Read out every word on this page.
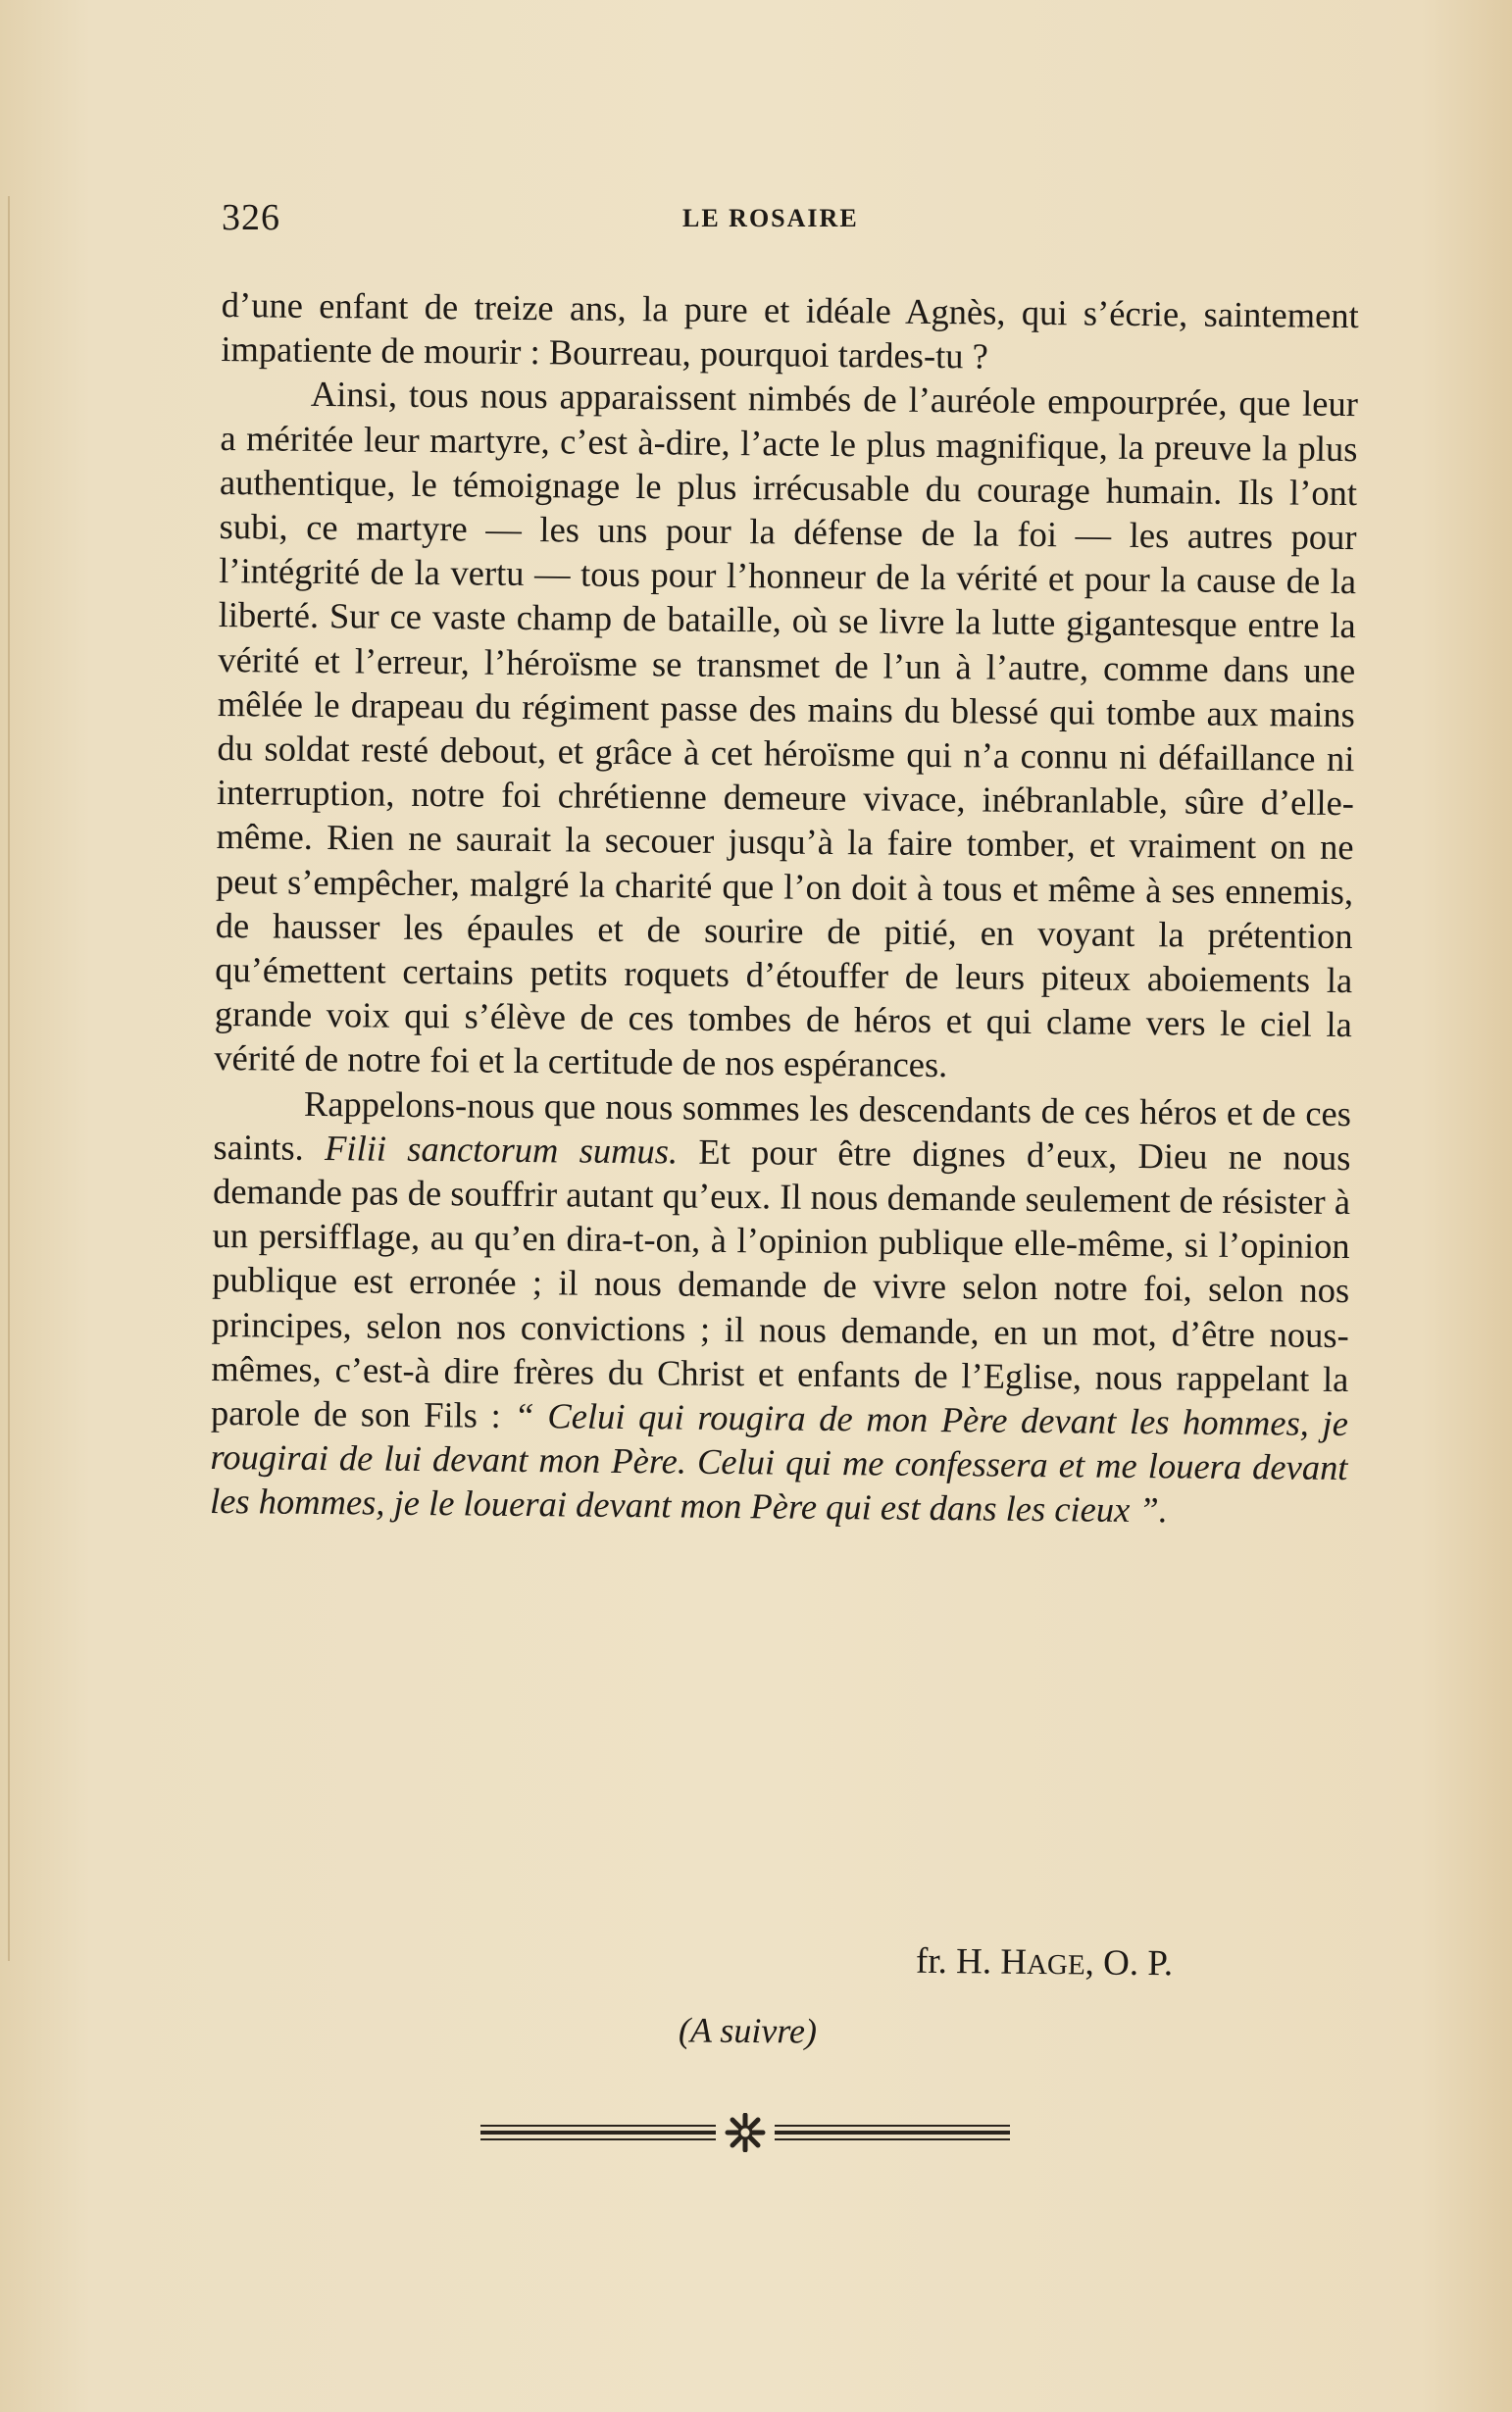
326	LE ROSAIRE

d’une enfant de treize ans, la pure et idéale Agnès, qui s’écrie, saintement impatiente de mourir : Bourreau, pourquoi tardes-tu ?

Ainsi, tous nous apparaissent nimbés de l’auréole empourprée, que leur a méritée leur martyre, c’est à-dire, l’acte le plus magnifique, la preuve la plus authentique, le témoignage le plus irrécusable du courage humain. Ils l’ont subi, ce martyre — les uns pour la défense de la foi — les autres pour l’intégrité de la vertu — tous pour l’honneur de la vérité et pour la cause de la liberté. Sur ce vaste champ de bataille, où se livre la lutte gigantesque entre la vérité et l’erreur, l’héroïsme se transmet de l’un à l’autre, comme dans une mêlée le drapeau du régiment passe des mains du blessé qui tombe aux mains du soldat resté debout, et grâce à cet héroïsme qui n’a connu ni défaillance ni interruption, notre foi chrétienne demeure vivace, inébranlable, sûre d’elle-même. Rien ne saurait la secouer jusqu’à la faire tomber, et vraiment on ne peut s’empêcher, malgré la charité que l’on doit à tous et même à ses ennemis, de hausser les épaules et de sourire de pitié, en voyant la prétention qu’émettent certains petits roquets d’étouffer de leurs piteux aboiements la grande voix qui s’élève de ces tombes de héros et qui clame vers le ciel la vérité de notre foi et la certitude de nos espérances.

Rappelons-nous que nous sommes les descendants de ces héros et de ces saints. Filii sanctorum sumus. Et pour être dignes d’eux, Dieu ne nous demande pas de souffrir autant qu’eux. Il nous demande seulement de résister à un persifflage, au qu’en dira-t-on, à l’opinion publique elle-même, si l’opinion publique est erronée ; il nous demande de vivre selon notre foi, selon nos principes, selon nos convictions ; il nous demande, en un mot, d’être nous-mêmes, c’est-à dire frères du Christ et enfants de l’Eglise, nous rappelant la parole de son Fils : “ Celui qui rougira de mon Père devant les hommes, je rougirai de lui devant mon Père. Celui qui me confessera et me louera devant les hommes, je le louerai devant mon Père qui est dans les cieux ”.

fr. H. HAGE, O. P.
(A suivre)
